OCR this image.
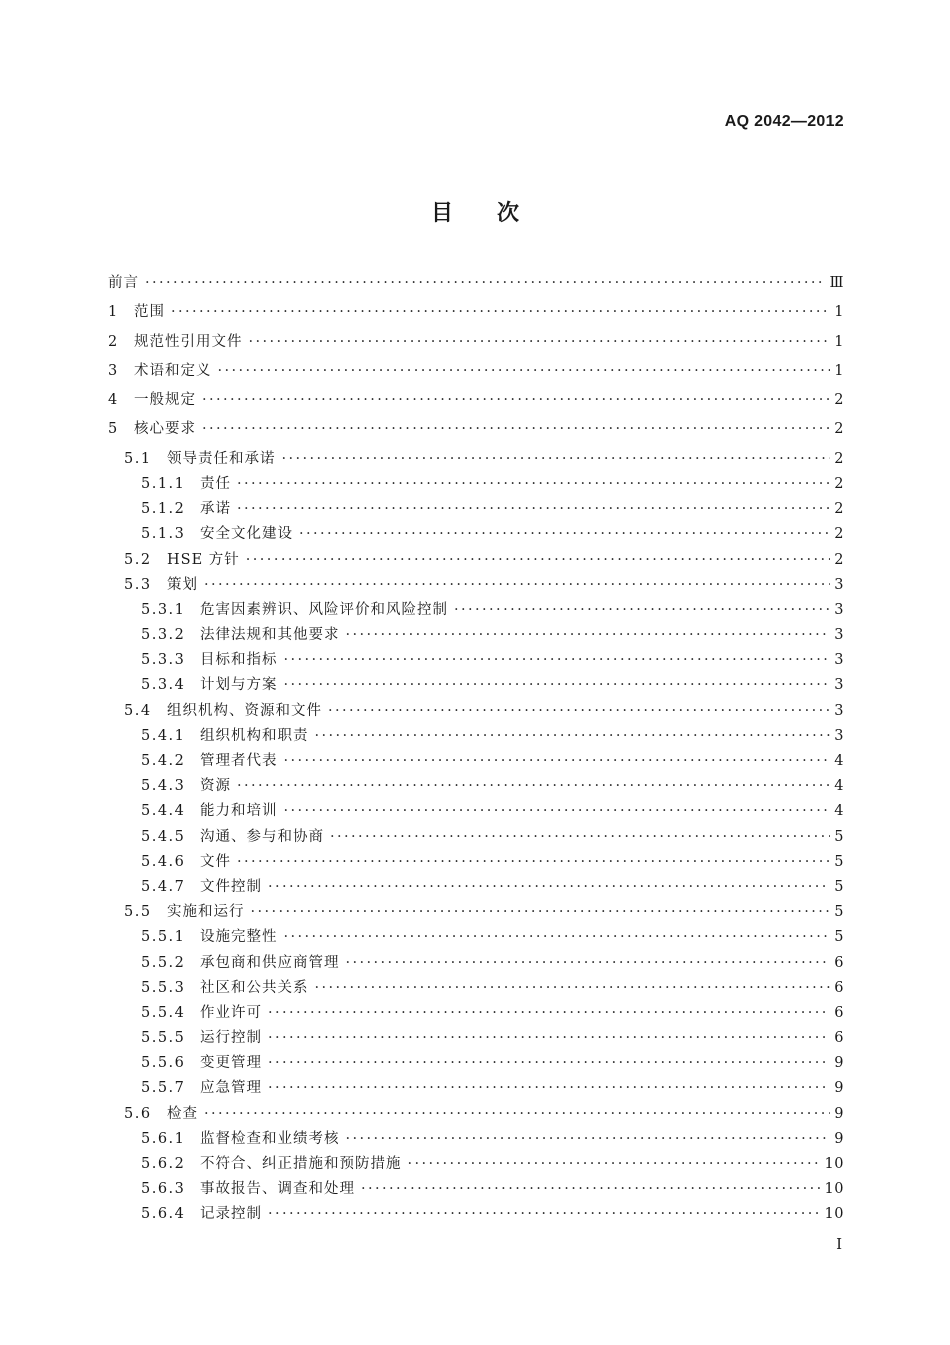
AQ 2042—2012
目 次
前言 ·····	Ⅲ
1	范围 ·····	1
2	规范性引用文件 ·····	1
3	术语和定义 ·····	1
4	一般规定 ·····	2
5	核心要求 ·····	2
5.1	领导责任和承诺 ·····	2
5.1.1	责任 ·····	2
5.1.2	承诺 ·····	2
5.1.3	安全文化建设 ·····	2
5.2	HSE 方针 ·····	2
5.3	策划 ·····	3
5.3.1	危害因素辨识、风险评价和风险控制 ·····	3
5.3.2	法律法规和其他要求 ·····	3
5.3.3	目标和指标 ·····	3
5.3.4	计划与方案 ·····	3
5.4	组织机构、资源和文件 ·····	3
5.4.1	组织机构和职责 ·····	3
5.4.2	管理者代表 ·····	4
5.4.3	资源 ·····	4
5.4.4	能力和培训 ·····	4
5.4.5	沟通、参与和协商 ·····	5
5.4.6	文件 ·····	5
5.4.7	文件控制 ·····	5
5.5	实施和运行 ·····	5
5.5.1	设施完整性 ·····	5
5.5.2	承包商和供应商管理 ·····	6
5.5.3	社区和公共关系 ·····	6
5.5.4	作业许可 ·····	6
5.5.5	运行控制 ·····	6
5.5.6	变更管理 ·····	9
5.5.7	应急管理 ·····	9
5.6	检查 ·····	9
5.6.1	监督检查和业绩考核 ·····	9
5.6.2	不符合、纠正措施和预防措施 ·····	10
5.6.3	事故报告、调查和处理 ·····	10
5.6.4	记录控制 ·····	10
I
